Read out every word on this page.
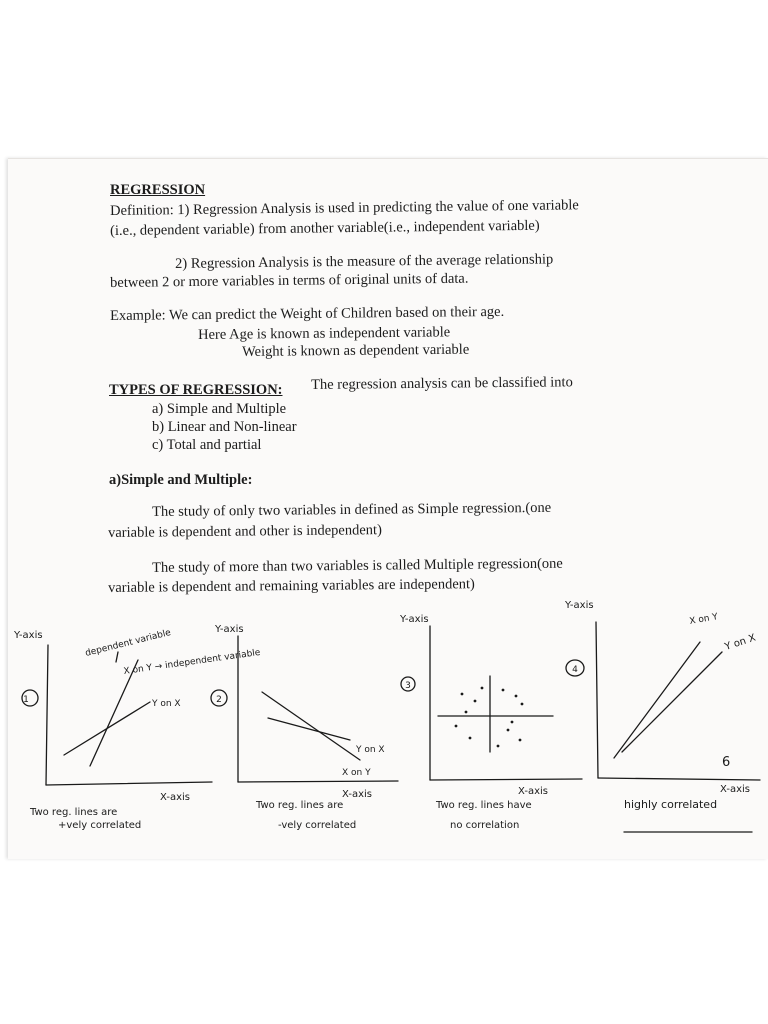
REGRESSION
Definition: 1) Regression Analysis is used in predicting the value of one variable
(i.e., dependent variable) from another variable(i.e., independent variable)
2) Regression Analysis is the measure of the average relationship
between 2 or more variables in terms of original units of data.
Example: We can predict the Weight of Children based on their age.
Here Age is known as independent variable
Weight is known as dependent variable
TYPES OF REGRESSION: The regression analysis can be classified into
a) Simple and Multiple
b) Linear and Non-linear
c) Total and partial
a)Simple and Multiple:
The study of only two variables in defined as Simple regression.(one
variable is dependent and other is independent)
The study of more than two variables is called Multiple regression(one
variable is dependent and remaining variables are independent)
Y-axis
X-axis
1
dependent variable
X on Y → independent variable
Y on X
Two reg. lines are
+vely correlated
Y-axis
X-axis
2
Y on X
X on Y
Two reg. lines are
-vely correlated
Y-axis
X-axis
3
Two reg. lines have
no correlation
Y-axis
X-axis
4
X on Y
Y on X
6
highly correlated
